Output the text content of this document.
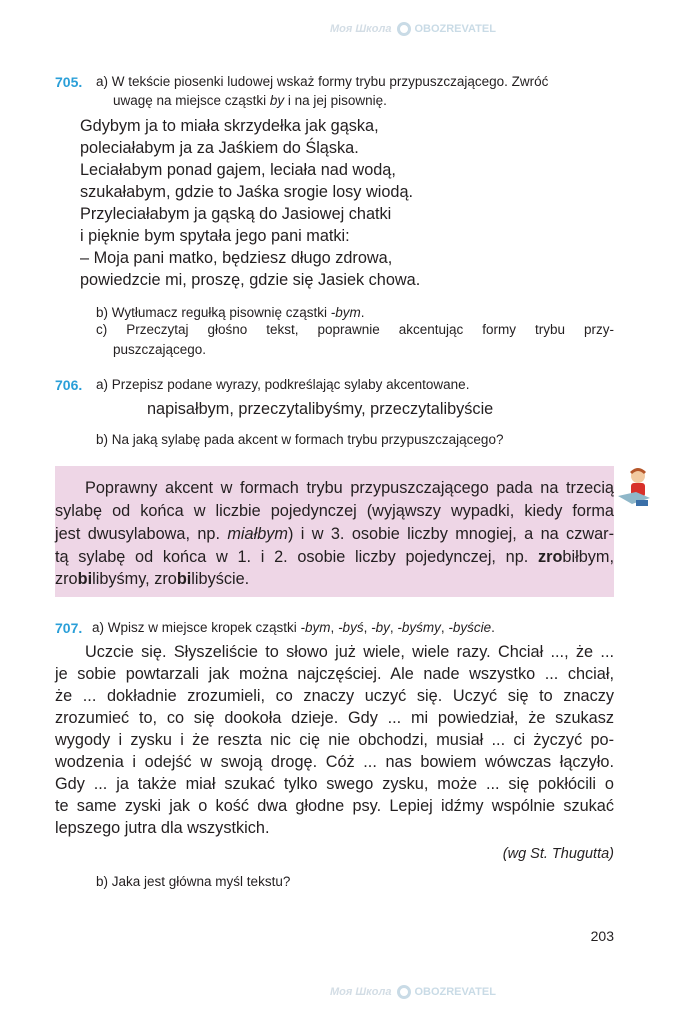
Моя Школа OBOZREVATEL
Моя Школа OBOZREVATEL
705. a) W tekście piosenki ludowej wskaż formy trybu przypuszczającego. Zwróć
uwagę na miejsce cząstki by i na jej pisownię.
Gdybym ja to miała skrzydełka jak gąska,
poleciałabym ja za Jaśkiem do Śląska.
Leciałabym ponad gajem, leciała nad wodą,
szukałabym, gdzie to Jaśka srogie losy wiodą.
Przyleciałabym ja gąską do Jasiowej chatki
i pięknie bym spytała jego pani matki:
– Moja pani matko, będziesz długo zdrowa,
powiedzcie mi, proszę, gdzie się Jasiek chowa.
b) Wytłumacz regułką pisownię cząstki -bym.
c) Przeczytaj głośno tekst, poprawnie akcentując formy trybu przy-
puszczającego.
706. a) Przepisz podane wyrazy, podkreślając sylaby akcentowane.
napisałbym, przeczytalibyśmy, przeczytalibyście
b) Na jaką sylabę pada akcent w formach trybu przypuszczającego?
Poprawny akcent w formach trybu przypuszczającego pada na trzecią
sylabę od końca w liczbie pojedynczej (wyjąwszy wypadki, kiedy forma
jest dwusylabowa, np. miałbym) i w 3. osobie liczby mnogiej, a na czwar-
tą sylabę od końca w 1. i 2. osobie liczby pojedynczej, np. zrobiłbym,
zrobilibyśmy, zrobilibyście.
707. a) Wpisz w miejsce kropek cząstki -bym, -byś, -by, -byśmy, -byście.
Uczcie się. Słyszeliście to słowo już wiele, wiele razy. Chciał ..., że ...
je sobie powtarzali jak można najczęściej. Ale nade wszystko ... chciał,
że ... dokładnie zrozumieli, co znaczy uczyć się. Uczyć się to znaczy
zrozumieć to, co się dookoła dzieje. Gdy ... mi powiedział, że szukasz
wygody i zysku i że reszta nic cię nie obchodzi, musiał ... ci życzyć po-
wodzenia i odejść w swoją drogę. Cóż ... nas bowiem wówczas łączyło.
Gdy ... ja także miał szukać tylko swego zysku, może ... się pokłócili o
te same zyski jak o kość dwa głodne psy. Lepiej idźmy wspólnie szukać
lepszego jutra dla wszystkich.
(wg St. Thugutta)
b) Jaka jest główna myśl tekstu?
203
